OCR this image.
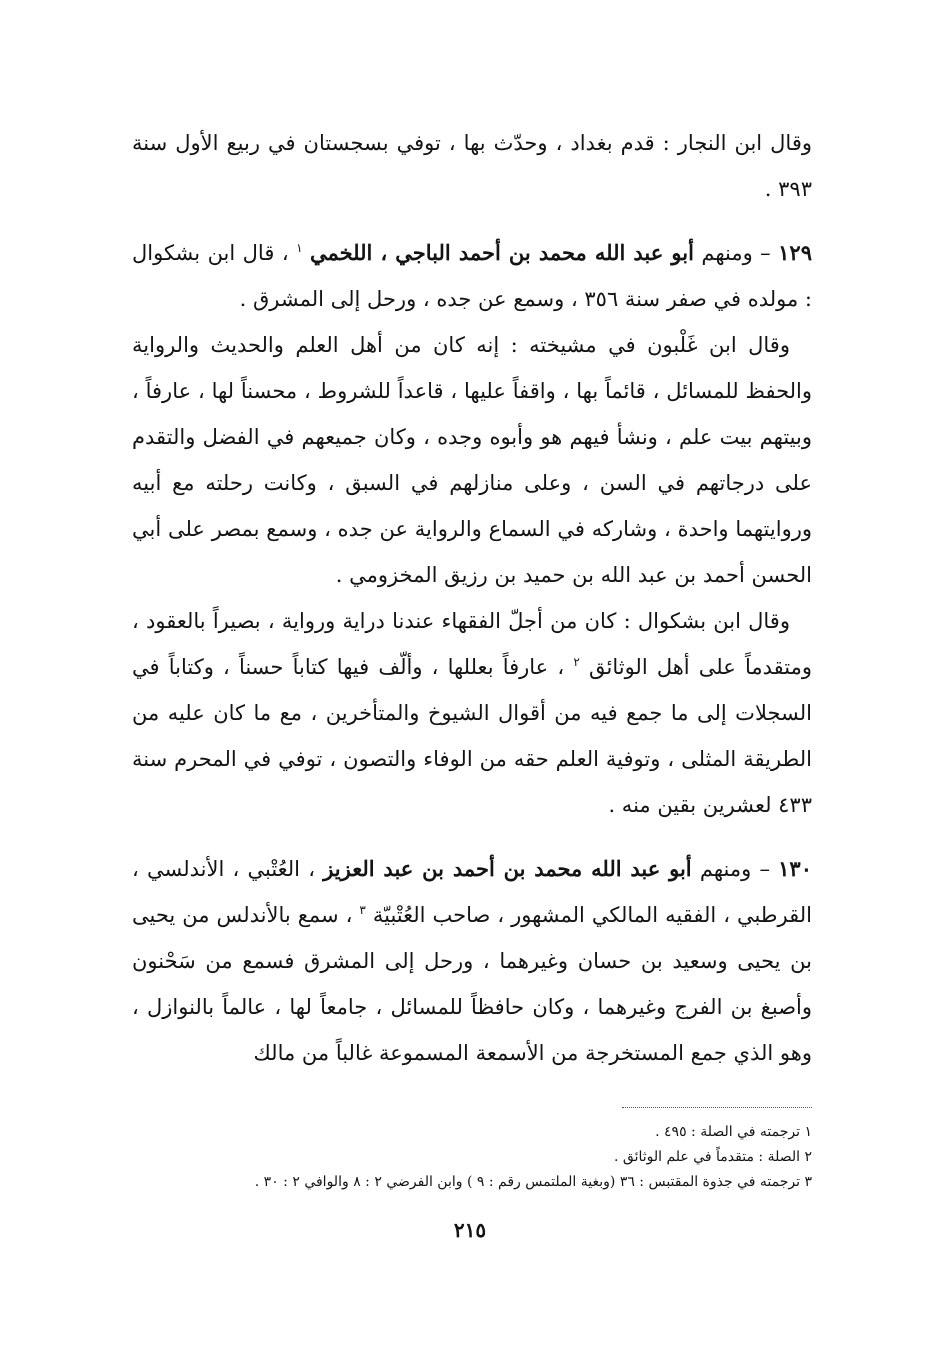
وقال ابن النجار : قدم بغداد ، وحدّث بها ، توفي بسجستان في ربيع الأول سنة ٣٩٣ .

١٢٩ – ومنهم أبو عبد الله محمد بن أحمد الباجي ، اللخمي $^١$ ، قال ابن بشكوال : مولده في صفر سنة ٣٥٦ ، وسمع عن جده ، ورحل إلى المشرق .

وقال ابن غَلْبون في مشيخته : إنه كان من أهل العلم والحديث والرواية والحفظ للمسائل ، قائماً بها ، واقفاً عليها ، قاعداً للشروط ، محسناً لها ، عارفاً ، وبيتهم بيت علم ، ونشأ فيهم هو وأبوه وجده ، وكان جميعهم في الفضل والتقدم على درجاتهم في السن ، وعلى منازلهم في السبق ، وكانت رحلته مع أبيه وروايتهما واحدة ، وشاركه في السماع والرواية عن جده ، وسمع بمصر على أبي الحسن أحمد بن عبد الله بن حميد بن رزيق المخزومي .

وقال ابن بشكوال : كان من أجلّ الفقهاء عندنا دراية ورواية ، بصيراً بالعقود ، ومتقدماً على أهل الوثائق $^٢$ ، عارفاً بعللها ، وألّف فيها كتاباً حسناً ، وكتاباً في السجلات إلى ما جمع فيه من أقوال الشيوخ والمتأخرين ، مع ما كان عليه من الطريقة المثلى ، وتوفية العلم حقه من الوفاء والتصون ، توفي في المحرم سنة ٤٣٣ لعشرين بقين منه .

١٣٠ – ومنهم أبو عبد الله محمد بن أحمد بن عبد العزيز ، العُتْبي ، الأندلسي ، القرطبي ، الفقيه المالكي المشهور ، صاحب العُتْبيّة $^٣$ ، سمع بالأندلس من يحيى بن يحيى وسعيد بن حسان وغيرهما ، ورحل إلى المشرق فسمع من سَحْنون وأصبغ بن الفرج وغيرهما ، وكان حافظاً للمسائل ، جامعاً لها ، عالماً بالنوازل ، وهو الذي جمع المستخرجة من الأسمعة المسموعة غالباً من مالك

١ ترجمته في الصلة : ٤٩٥ .

٢ الصلة : متقدماً في علم الوثائق .

٣ ترجمته في جذوة المقتبس : ٣٦ (وبغية الملتمس رقم : ٩ ) وابن الفرضي ٢ : ٨ والوافي ٢ : ٣٠ .

٢١٥
